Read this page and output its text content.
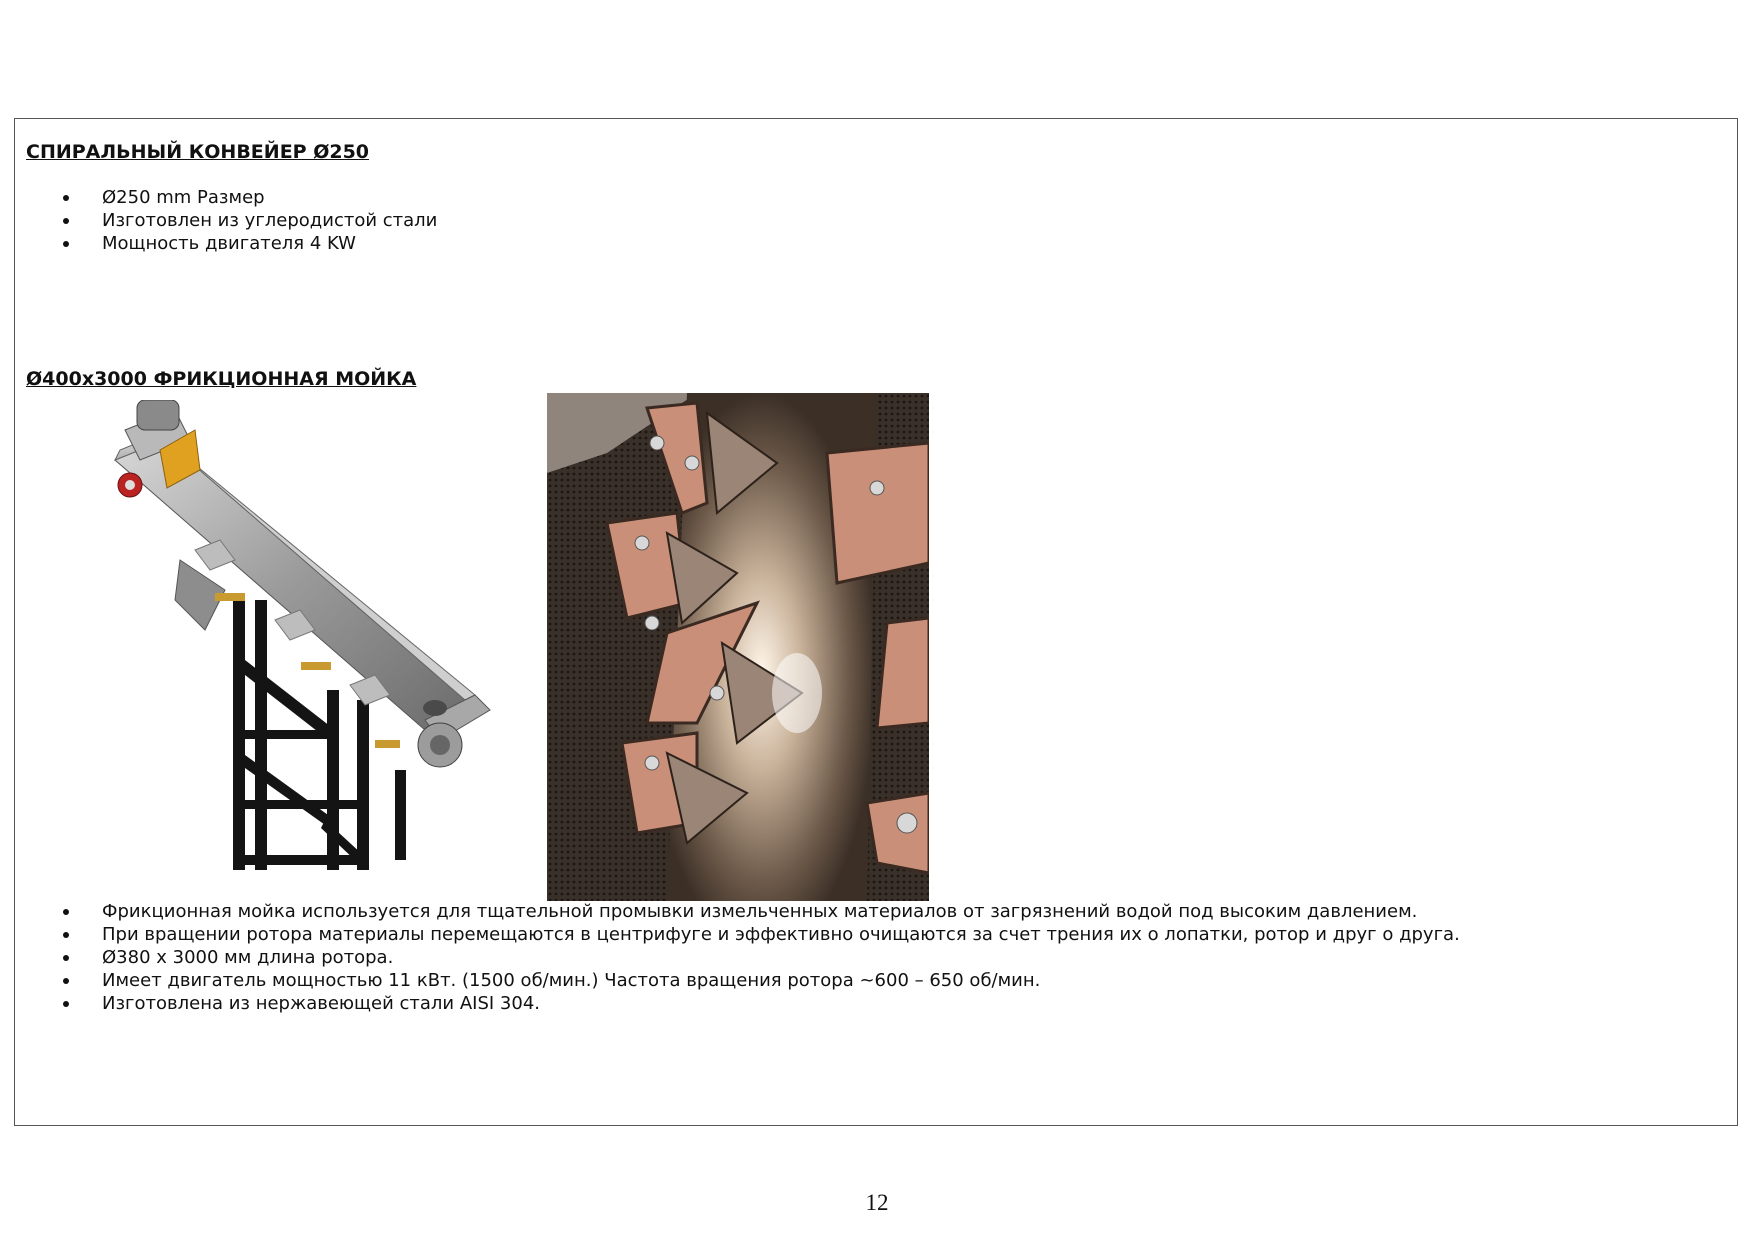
СПИРАЛЬНЫЙ КОНВЕЙЕР Ø250
Ø250 mm Размер
Изготовлен из углеродистой стали
Мощность двигателя 4 KW
Ø400x3000 ФРИКЦИОННАЯ МОЙКА
Фрикционная мойка используется для тщательной промывки измельченных материалов от загрязнений водой под высоким давлением.
При вращении ротора материалы перемещаются в центрифуге и эффективно очищаются за счет трения их о лопатки, ротор и друг о друга.
Ø380 x 3000 мм длина ротора.
Имеет двигатель мощностью 11 кВт. (1500 об/мин.) Частота вращения ротора ~600 – 650 об/мин.
Изготовлена из нержавеющей стали AISI 304.
12
